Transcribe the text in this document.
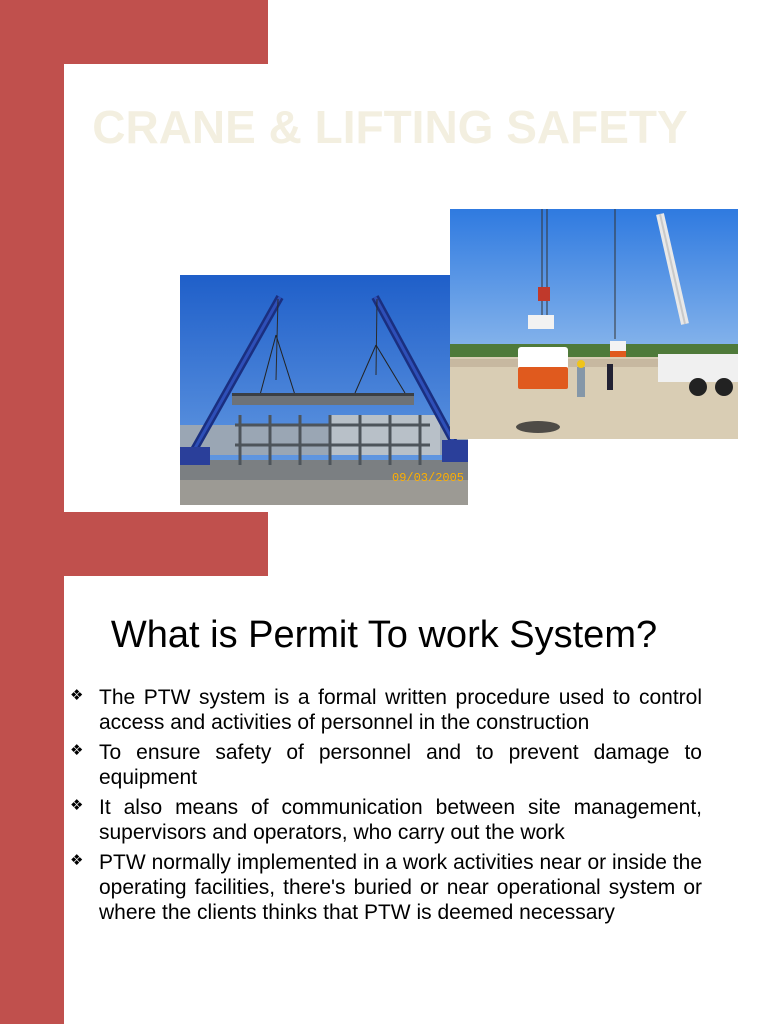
CRANE & LIFTING SAFETY
09/03/2005
What is Permit To work System?
❖ The PTW system is a formal written procedure used to control access and activities of personnel in the construction
❖ To ensure safety of personnel and to prevent damage to equipment
❖ It also means of communication between site management, supervisors and operators, who carry out the work
❖ PTW normally implemented in a work activities near or inside the operating facilities, there's buried or near operational system or where the clients thinks that PTW is deemed necessary
